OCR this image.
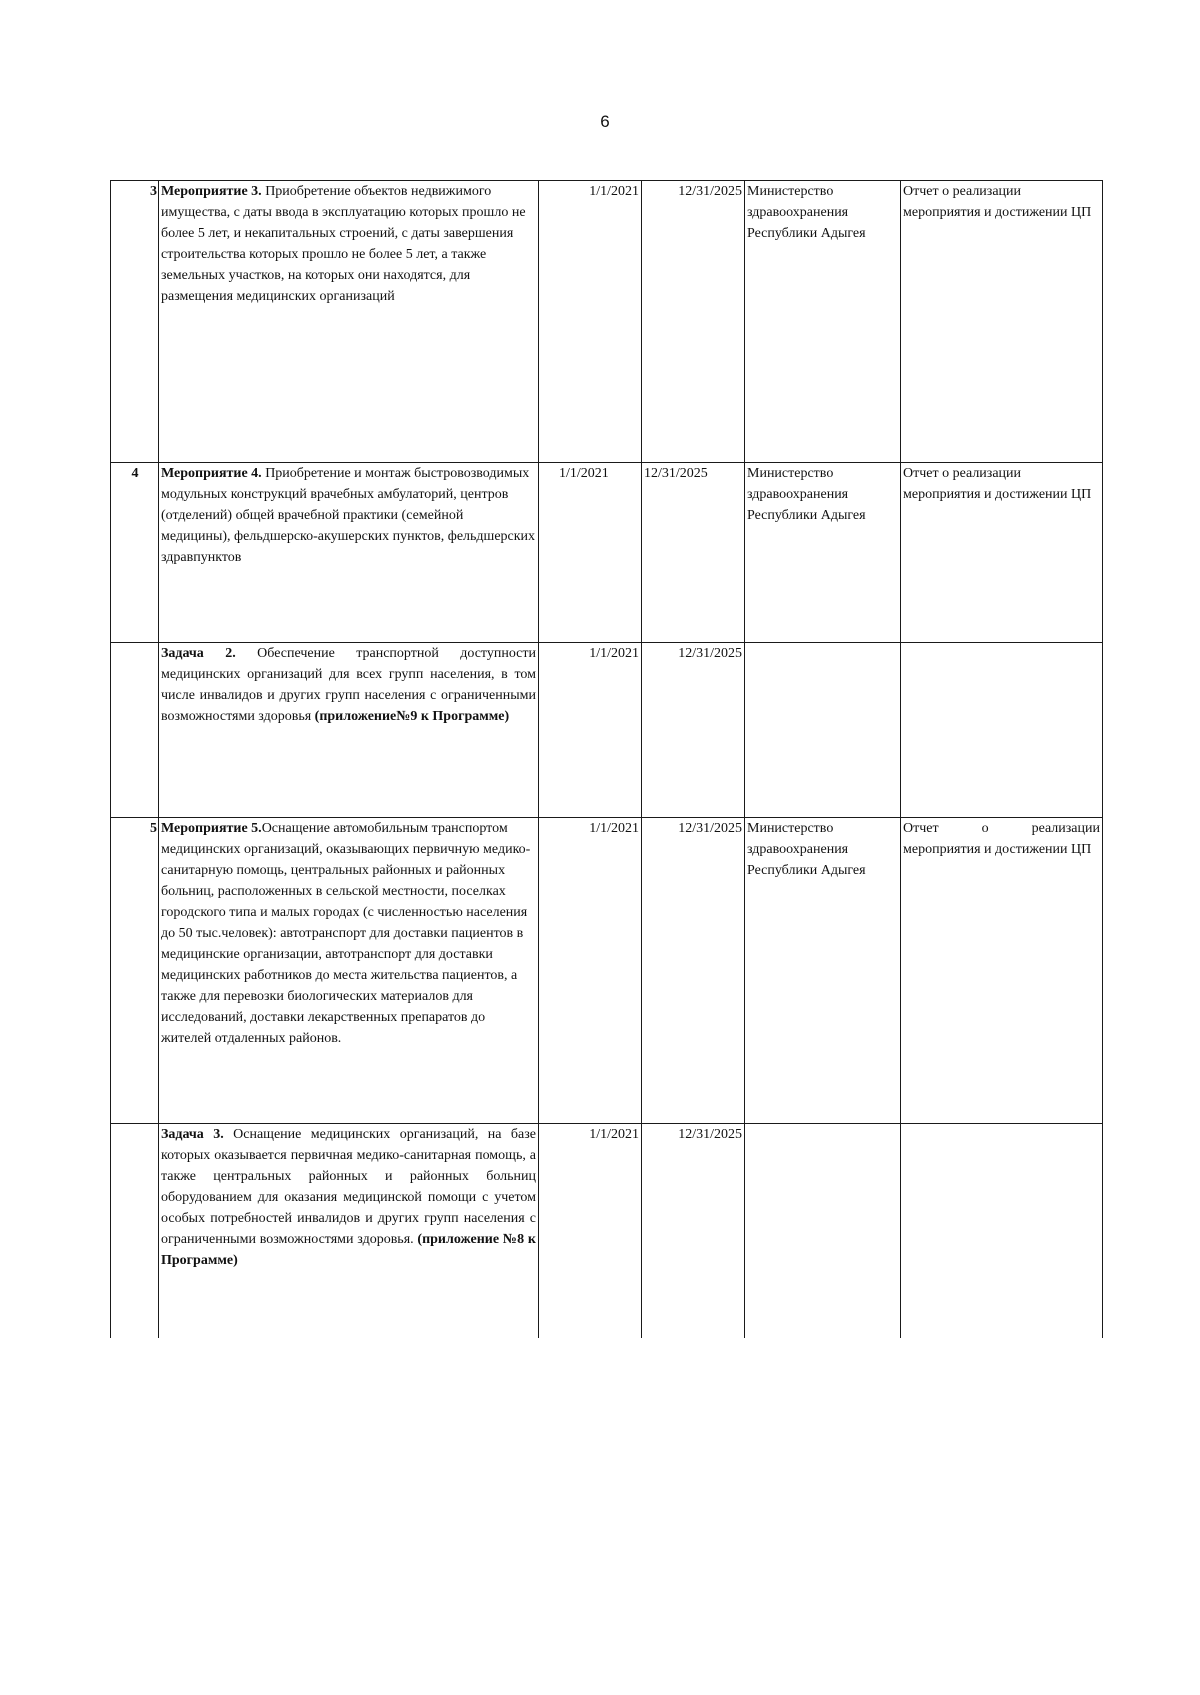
6
3	Мероприятие 3. Приобретение объектов недвижимого имущества, с даты ввода в эксплуатацию которых прошло не более 5 лет, и некапитальных строений, с даты завершения строительства которых прошло не более 5 лет, а также земельных участков, на которых они находятся, для размещения медицинских организаций	1/1/2021	12/31/2025	Министерство здравоохранения Республики Адыгея	Отчет о реализации мероприятия и достижении ЦП
4	Мероприятие 4. Приобретение и монтаж быстровозводимых модульных конструкций врачебных амбулаторий, центров (отделений) общей врачебной практики (семейной медицины), фельдшерско-акушерских пунктов, фельдшерских здравпунктов	1/1/2021	12/31/2025	Министерство здравоохранения Республики Адыгея	Отчет о реализации мероприятия и достижении ЦП
	Задача 2. Обеспечение транспортной доступности медицинских организаций для всех групп населения, в том числе инвалидов и других групп населения с ограниченными возможностями здоровья (приложение№9 к Программе)	1/1/2021	12/31/2025		
5	Мероприятие 5.Оснащение автомобильным транспортом медицинских организаций, оказывающих первичную медико-санитарную помощь, центральных районных и районных больниц, расположенных в сельской местности, поселках городского типа и малых городах (с численностью населения до 50 тыс.человек): автотранспорт для доставки пациентов в медицинские организации, автотранспорт для доставки медицинских работников до места жительства пациентов, а также для перевозки биологических материалов для исследований, доставки лекарственных препаратов до жителей отдаленных районов.	1/1/2021	12/31/2025	Министерство здравоохранения Республики Адыгея	Отчет о реализации мероприятия и достижении ЦП
	Задача 3. Оснащение медицинских организаций, на базе которых оказывается первичная медико-санитарная помощь, а также центральных районных и районных больниц оборудованием для оказания медицинской помощи с учетом особых потребностей инвалидов и других групп населения с ограниченными возможностями здоровья. (приложение №8 к Программе)	1/1/2021	12/31/2025		
